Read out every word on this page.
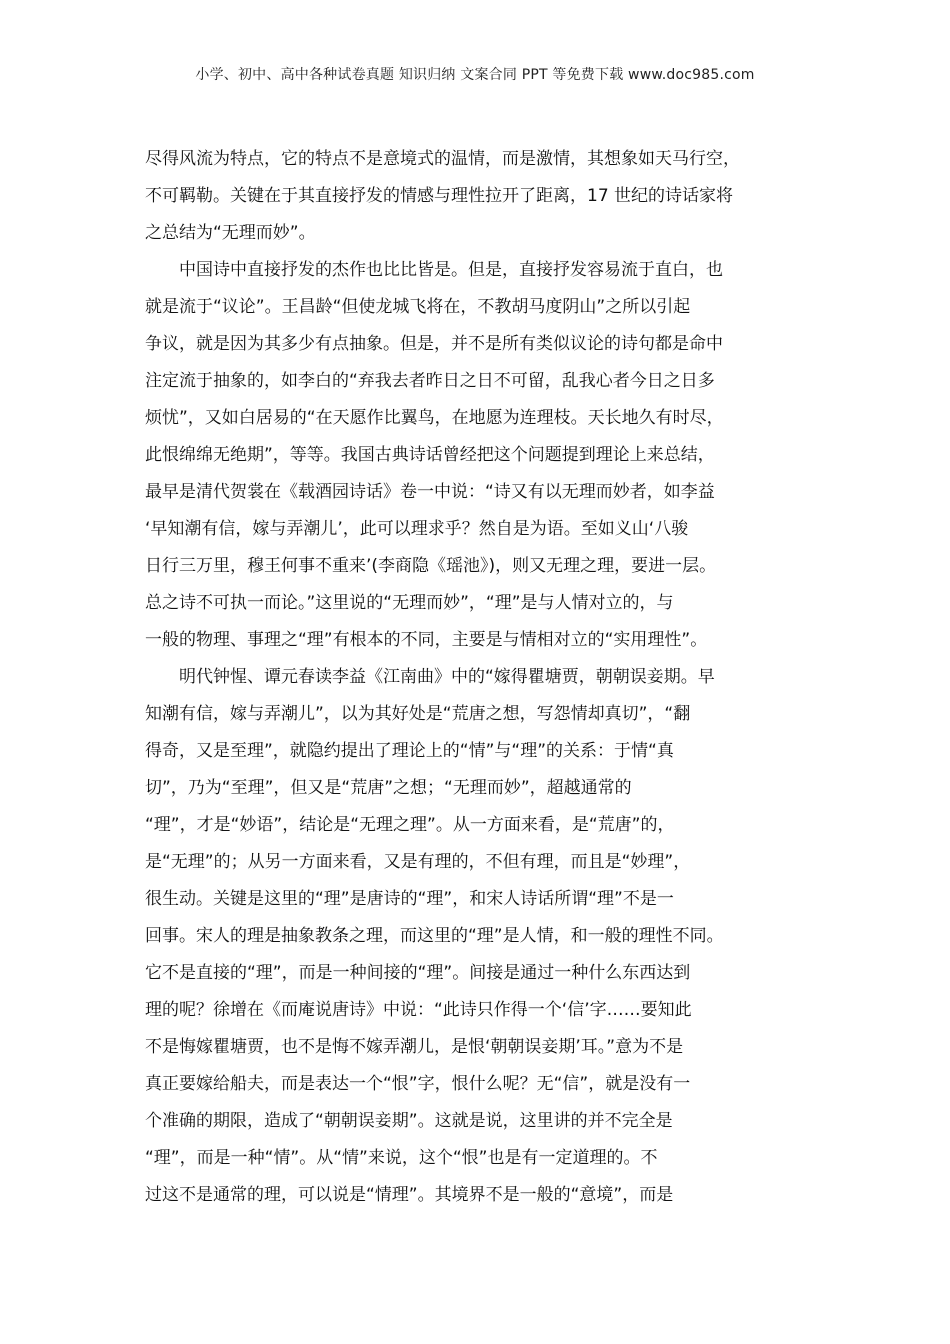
小学、初中、高中各种试卷真题 知识归纳 文案合同 PPT 等免费下载 www.doc985.com
尽得风流为特点，它的特点不是意境式的温情，而是激情，其想象如天马行空，
不可羁勒。关键在于其直接抒发的情感与理性拉开了距离，17 世纪的诗话家将
之总结为“无理而妙”。
中国诗中直接抒发的杰作也比比皆是。但是，直接抒发容易流于直白，也
就是流于“议论”。王昌龄“但使龙城飞将在，不教胡马度阴山”之所以引起
争议，就是因为其多少有点抽象。但是，并不是所有类似议论的诗句都是命中
注定流于抽象的，如李白的“弃我去者昨日之日不可留，乱我心者今日之日多
烦忧”，又如白居易的“在天愿作比翼鸟，在地愿为连理枝。天长地久有时尽，
此恨绵绵无绝期”，等等。我国古典诗话曾经把这个问题提到理论上来总结，
最早是清代贺裳在《载酒园诗话》卷一中说：“诗又有以无理而妙者，如李益
‘早知潮有信，嫁与弄潮儿’，此可以理求乎？然自是为语。至如义山‘八骏
日行三万里，穆王何事不重来’(李商隐《瑶池》)，则又无理之理，要进一层。
总之诗不可执一而论。”这里说的“无理而妙”，“理”是与人情对立的，与
一般的物理、事理之“理”有根本的不同，主要是与情相对立的“实用理性”。
明代钟惺、谭元春读李益《江南曲》中的“嫁得瞿塘贾，朝朝误妾期。早
知潮有信，嫁与弄潮儿”，以为其好处是“荒唐之想，写怨情却真切”，“翻
得奇，又是至理”，就隐约提出了理论上的“情”与“理”的关系：于情“真
切”，乃为“至理”，但又是“荒唐”之想；“无理而妙”，超越通常的
“理”，才是“妙语”，结论是“无理之理”。从一方面来看，是“荒唐”的，
是“无理”的；从另一方面来看，又是有理的，不但有理，而且是“妙理”，
很生动。关键是这里的“理”是唐诗的“理”，和宋人诗话所谓“理”不是一
回事。宋人的理是抽象教条之理，而这里的“理”是人情，和一般的理性不同。
它不是直接的“理”，而是一种间接的“理”。间接是通过一种什么东西达到
理的呢？徐增在《而庵说唐诗》中说：“此诗只作得一个‘信’字……要知此
不是悔嫁瞿塘贾，也不是悔不嫁弄潮儿，是恨‘朝朝误妾期’耳。”意为不是
真正要嫁给船夫，而是表达一个“恨”字，恨什么呢？无“信”，就是没有一
个准确的期限，造成了“朝朝误妾期”。这就是说，这里讲的并不完全是
“理”，而是一种“情”。从“情”来说，这个“恨”也是有一定道理的。不
过这不是通常的理，可以说是“情理”。其境界不是一般的“意境”，而是
